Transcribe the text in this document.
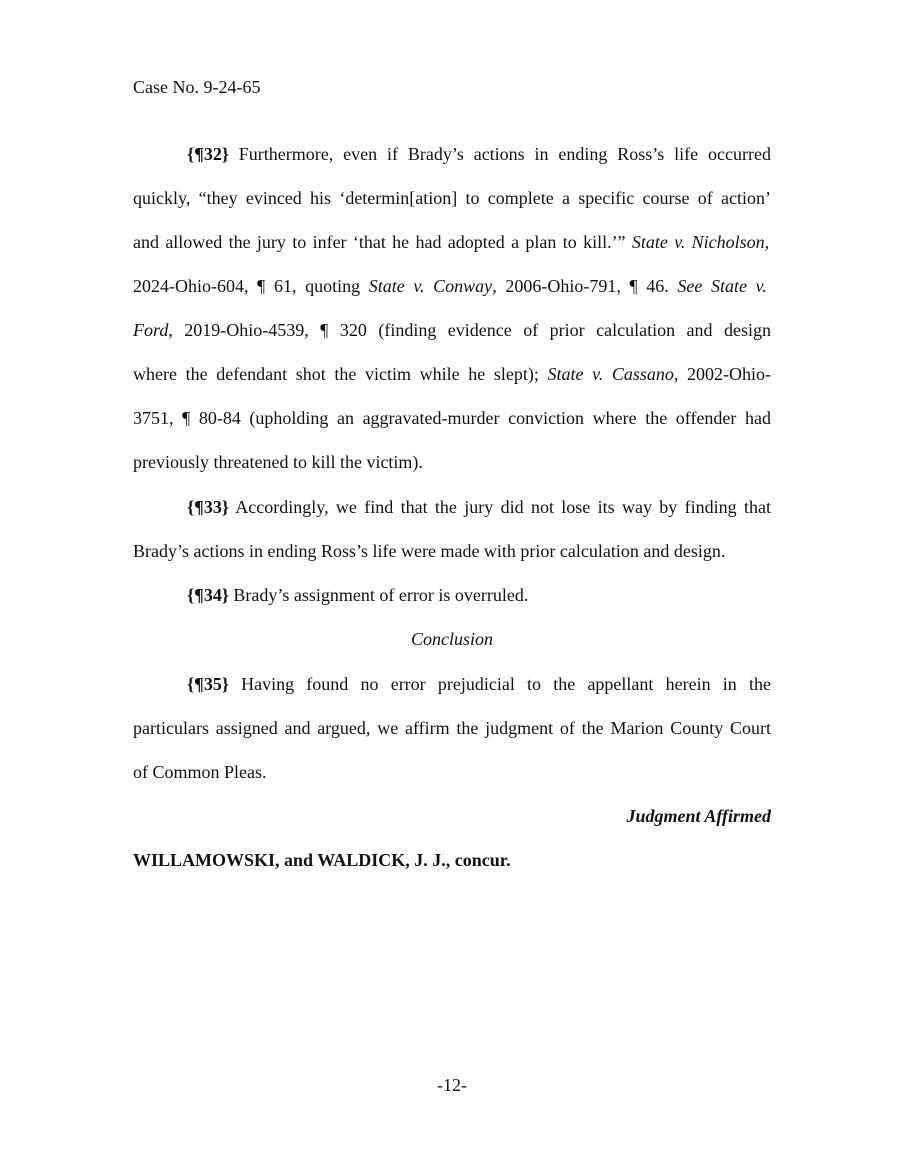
Case No. 9-24-65
{¶32} Furthermore, even if Brady’s actions in ending Ross’s life occurred
quickly, “they evinced his ‘determin[ation] to complete a specific course of action’
and allowed the jury to infer ‘that he had adopted a plan to kill.’” State v. Nicholson,
2024-Ohio-604, ¶ 61, quoting State v. Conway, 2006-Ohio-791, ¶ 46. See State v.
Ford, 2019-Ohio-4539, ¶ 320 (finding evidence of prior calculation and design
where the defendant shot the victim while he slept); State v. Cassano, 2002-Ohio-
3751, ¶ 80-84 (upholding an aggravated-murder conviction where the offender had
previously threatened to kill the victim).
{¶33} Accordingly, we find that the jury did not lose its way by finding that
Brady’s actions in ending Ross’s life were made with prior calculation and design.
{¶34} Brady’s assignment of error is overruled.
{¶35} Having found no error prejudicial to the appellant herein in the
particulars assigned and argued, we affirm the judgment of the Marion County Court
of Common Pleas.
Conclusion
Judgment Affirmed
WILLAMOWSKI, and WALDICK, J. J., concur.
-12-
